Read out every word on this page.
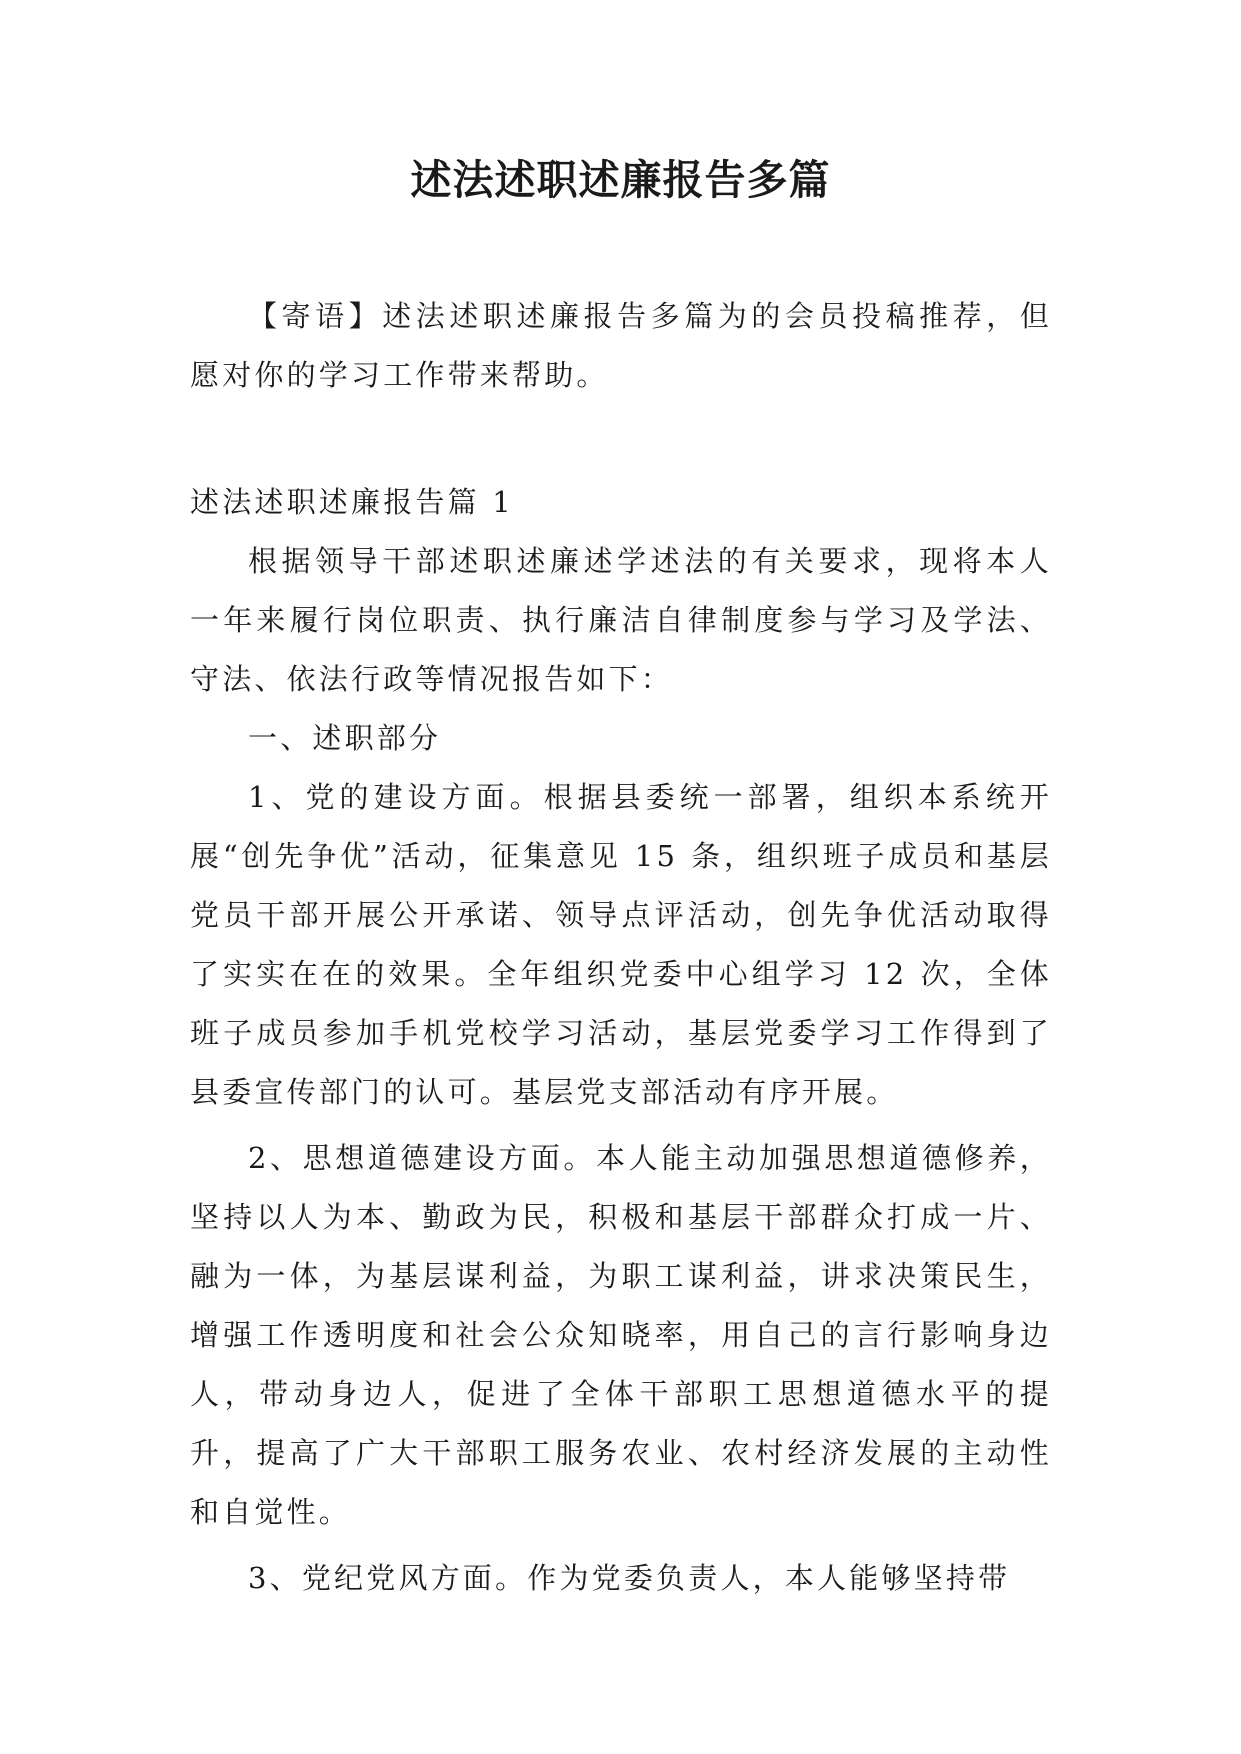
述法述职述廉报告多篇

【寄语】述法述职述廉报告多篇为的会员投稿推荐，但愿对你的学习工作带来帮助。

述法述职述廉报告篇 1

根据领导干部述职述廉述学述法的有关要求，现将本人一年来履行岗位职责、执行廉洁自律制度参与学习及学法、守法、依法行政等情况报告如下：

一、述职部分

1、党的建设方面。根据县委统一部署，组织本系统开展“创先争优”活动，征集意见 15 条，组织班子成员和基层党员干部开展公开承诺、领导点评活动，创先争优活动取得了实实在在的效果。全年组织党委中心组学习 12 次，全体班子成员参加手机党校学习活动，基层党委学习工作得到了县委宣传部门的认可。基层党支部活动有序开展。

2、思想道德建设方面。本人能主动加强思想道德修养，坚持以人为本、勤政为民，积极和基层干部群众打成一片、融为一体，为基层谋利益，为职工谋利益，讲求决策民生，增强工作透明度和社会公众知晓率，用自己的言行影响身边人，带动身边人，促进了全体干部职工思想道德水平的提升，提高了广大干部职工服务农业、农村经济发展的主动性和自觉性。

3、党纪党风方面。作为党委负责人，本人能够坚持带
